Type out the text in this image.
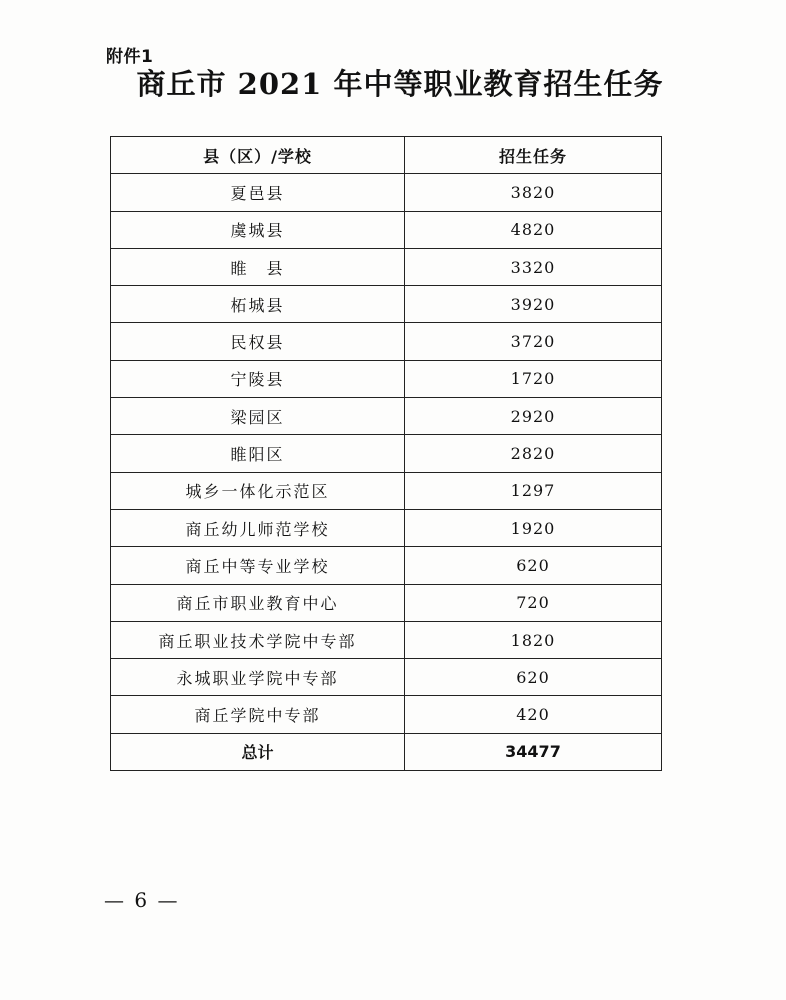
附件1
商丘市 2021 年中等职业教育招生任务
县（区）/学校	招生任务
夏邑县	3820
虞城县	4820
睢　县	3320
柘城县	3920
民权县	3720
宁陵县	1720
梁园区	2920
睢阳区	2820
城乡一体化示范区	1297
商丘幼儿师范学校	1920
商丘中等专业学校	620
商丘市职业教育中心	720
商丘职业技术学院中专部	1820
永城职业学院中专部	620
商丘学院中专部	420
总计	34477
— 6 —
